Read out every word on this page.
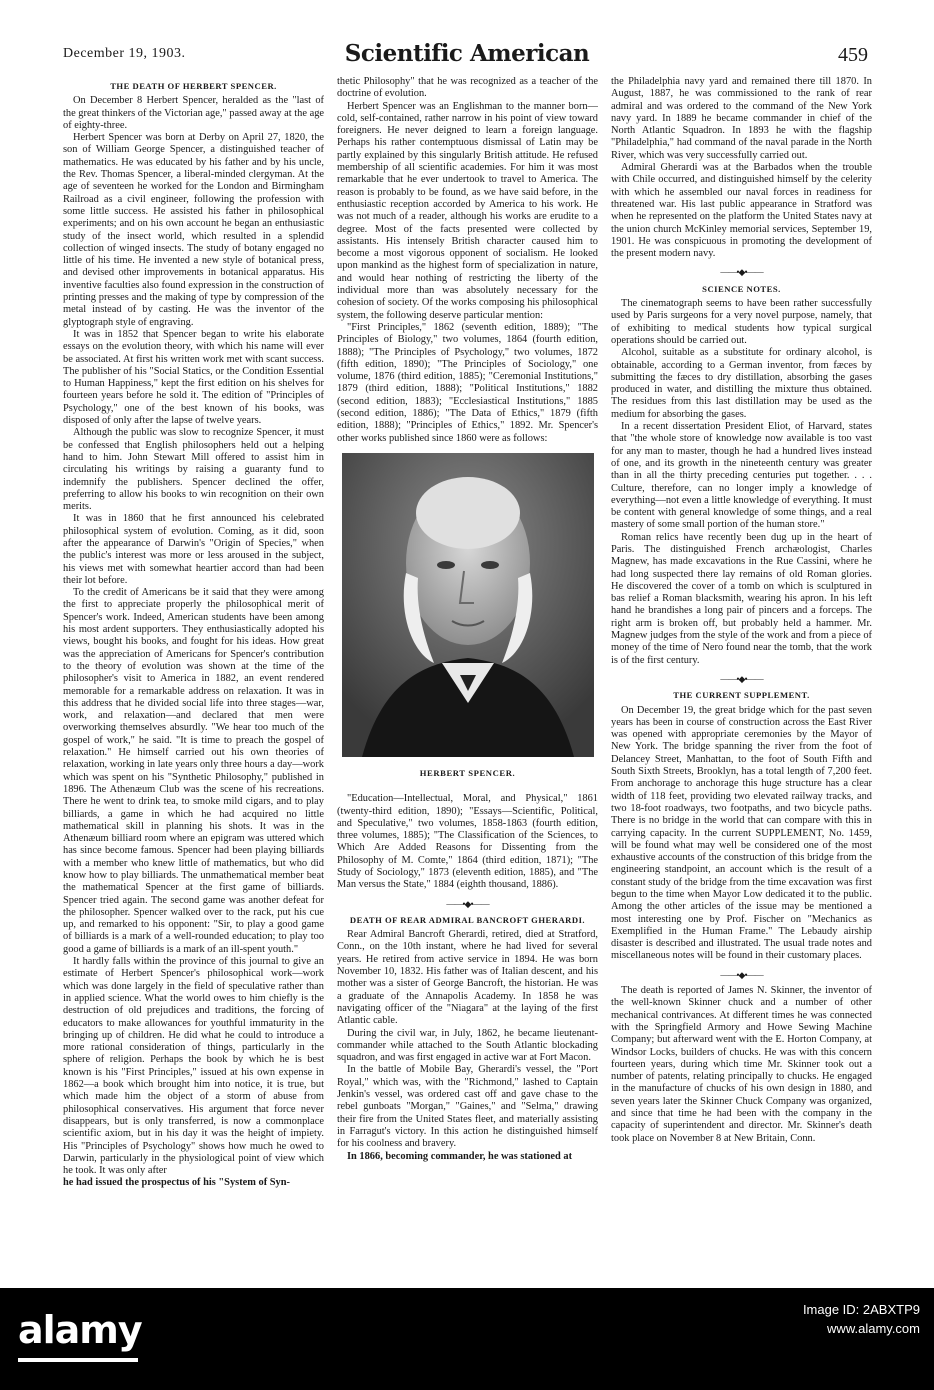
December 19, 1903.	Scientific American	459
THE DEATH OF HERBERT SPENCER.

On December 8 Herbert Spencer, heralded as the "last of the great thinkers of the Victorian age," passed away at the age of eighty-three.

Herbert Spencer was born at Derby on April 27, 1820, the son of William George Spencer, a distinguished teacher of mathematics. He was educated by his father and by his uncle, the Rev. Thomas Spencer, a liberal-minded clergyman. At the age of seventeen he worked for the London and Birmingham Railroad as a civil engineer, following the profession with some little success. He assisted his father in philosophical experiments; and on his own account he began an enthusiastic study of the insect world, which resulted in a splendid collection of winged insects. The study of botany engaged no little of his time. He invented a new style of botanical press, and devised other improvements in botanical apparatus. His inventive faculties also found expression in the construction of printing presses and the making of type by compression of the metal instead of by casting. He was the inventor of the glyptograph style of engraving.

It was in 1852 that Spencer began to write his elaborate essays on the evolution theory, with which his name will ever be associated. At first his written work met with scant success. The publisher of his "Social Statics, or the Condition Essential to Human Happiness," kept the first edition on his shelves for fourteen years before he sold it. The edition of "Principles of Psychology," one of the best known of his books, was disposed of only after the lapse of twelve years.

Although the public was slow to recognize Spencer, it must be confessed that English philosophers held out a helping hand to him. John Stewart Mill offered to assist him in circulating his writings by raising a guaranty fund to indemnify the publishers. Spencer declined the offer, preferring to allow his books to win recognition on their own merits.

It was in 1860 that he first announced his celebrated philosophical system of evolution. Coming, as it did, soon after the appearance of Darwin's "Origin of Species," when the public's interest was more or less aroused in the subject, his views met with somewhat heartier accord than had been their lot before.

To the credit of Americans be it said that they were among the first to appreciate properly the philosophical merit of Spencer's work. Indeed, American students have been among his most ardent supporters. They enthusiastically adopted his views, bought his books, and fought for his ideas. How great was the appreciation of Americans for Spencer's contribution to the theory of evolution was shown at the time of the philosopher's visit to America in 1882, an event rendered memorable for a remarkable address on relaxation. It was in this address that he divided social life into three stages—war, work, and relaxation—and declared that men were overworking themselves absurdly. "We hear too much of the gospel of work," he said. "It is time to preach the gospel of relaxation." He himself carried out his own theories of relaxation, working in late years only three hours a day—work which was spent on his "Synthetic Philosophy," published in 1896. The Athenæum Club was the scene of his recreations. There he went to drink tea, to smoke mild cigars, and to play billiards, a game in which he had acquired no little mathematical skill in planning his shots. It was in the Athenæum billiard room where an epigram was uttered which has since become famous. Spencer had been playing billiards with a member who knew little of mathematics, but who did know how to play billiards. The unmathematical member beat the mathematical Spencer at the first game of billiards. Spencer tried again. The second game was another defeat for the philosopher. Spencer walked over to the rack, put his cue up, and remarked to his opponent: "Sir, to play a good game of billiards is a mark of a well-rounded education; to play too good a game of billiards is a mark of an ill-spent youth."

It hardly falls within the province of this journal to give an estimate of Herbert Spencer's philosophical work—work which was done largely in the field of speculative rather than in applied science. What the world owes to him chiefly is the destruction of old prejudices and traditions, the forcing of educators to make allowances for youthful immaturity in the bringing up of children. He did what he could to introduce a more rational consideration of things, particularly in the sphere of religion. Perhaps the book by which he is best known is his "First Principles," issued at his own expense in 1862—a book which brought him into notice, it is true, but which made him the object of a storm of abuse from philosophical conservatives. His argument that force never disappears, but is only transferred, is now a commonplace scientific axiom, but in his day it was the height of impiety. His "Principles of Psychology" shows how much he owed to Darwin, particularly in the physiological point of view which he took. It was only after

he had issued the prospectus of his "System of Syn-

thetic Philosophy" that he was recognized as a teacher of the doctrine of evolution.

Herbert Spencer was an Englishman to the manner born—cold, self-contained, rather narrow in his point of view toward foreigners. He never deigned to learn a foreign language. Perhaps his rather contemptuous dismissal of Latin may be partly explained by this singularly British attitude. He refused membership of all scientific academies. For him it was most remarkable that he ever undertook to travel to America. The reason is probably to be found, as we have said before, in the enthusiastic reception accorded by America to his work. He was not much of a reader, although his works are erudite to a degree. Most of the facts presented were collected by assistants. His intensely British character caused him to become a most vigorous opponent of socialism. He looked upon mankind as the highest form of specialization in nature, and would hear nothing of restricting the liberty of the individual more than was absolutely necessary for the cohesion of society. Of the works composing his philosophical system, the following deserve particular mention:

"First Principles," 1862 (seventh edition, 1889); "The Principles of Biology," two volumes, 1864 (fourth edition, 1888); "The Principles of Psychology," two volumes, 1872 (fifth edition, 1890); "The Principles of Sociology," one volume, 1876 (third edition, 1885); "Ceremonial Institutions," 1879 (third edition, 1888); "Political Institutions," 1882 (second edition, 1883); "Ecclesiastical Institutions," 1885 (second edition, 1886); "The Data of Ethics," 1879 (fifth edition, 1888); "Principles of Ethics," 1892. Mr. Spencer's other works published since 1860 were as follows:

HERBERT SPENCER.

"Education—Intellectual, Moral, and Physical," 1861 (twenty-third edition, 1890); "Essays—Scientific, Political, and Speculative," two volumes, 1858-1863 (fourth edition, three volumes, 1885); "The Classification of the Sciences, to Which Are Added Reasons for Dissenting from the Philosophy of M. Comte," 1864 (third edition, 1871); "The Study of Sociology," 1873 (eleventh edition, 1885), and "The Man versus the State," 1884 (eighth thousand, 1886).

——•◆•——
DEATH OF REAR ADMIRAL BANCROFT GHERARDI.

Rear Admiral Bancroft Gherardi, retired, died at Stratford, Conn., on the 10th instant, where he had lived for several years. He retired from active service in 1894. He was born November 10, 1832. His father was of Italian descent, and his mother was a sister of George Bancroft, the historian. He was a graduate of the Annapolis Academy. In 1858 he was navigating officer of the "Niagara" at the laying of the first Atlantic cable.

During the civil war, in July, 1862, he became lieutenant-commander while attached to the South Atlantic blockading squadron, and was first engaged in active war at Fort Macon.

In the battle of Mobile Bay, Gherardi's vessel, the "Port Royal," which was, with the "Richmond," lashed to Captain Jenkin's vessel, was ordered cast off and gave chase to the rebel gunboats "Morgan," "Gaines," and "Selma," drawing their fire from the United States fleet, and materially assisting in Farragut's victory. In this action he distinguished himself for his coolness and bravery.

In 1866, becoming commander, he was stationed at

the Philadelphia navy yard and remained there till 1870. In August, 1887, he was commissioned to the rank of rear admiral and was ordered to the command of the New York navy yard. In 1889 he became commander in chief of the North Atlantic Squadron. In 1893 he with the flagship "Philadelphia," had command of the naval parade in the North River, which was very successfully carried out.

Admiral Gherardi was at the Barbados when the trouble with Chile occurred, and distinguished himself by the celerity with which he assembled our naval forces in readiness for threatened war. His last public appearance in Stratford was when he represented on the platform the United States navy at the union church McKinley memorial services, September 19, 1901. He was conspicuous in promoting the development of the present modern navy.

——•◆•——
SCIENCE NOTES.

The cinematograph seems to have been rather successfully used by Paris surgeons for a very novel purpose, namely, that of exhibiting to medical students how typical surgical operations should be carried out.

Alcohol, suitable as a substitute for ordinary alcohol, is obtainable, according to a German inventor, from fæces by submitting the fæces to dry distillation, absorbing the gases produced in water, and distilling the mixture thus obtained. The residues from this last distillation may be used as the medium for absorbing the gases.

In a recent dissertation President Eliot, of Harvard, states that "the whole store of knowledge now available is too vast for any man to master, though he had a hundred lives instead of one, and its growth in the nineteenth century was greater than in all the thirty preceding centuries put together. . . . Culture, therefore, can no longer imply a knowledge of everything—not even a little knowledge of everything. It must be content with general knowledge of some things, and a real mastery of some small portion of the human store."

Roman relics have recently been dug up in the heart of Paris. The distinguished French archæologist, Charles Magnew, has made excavations in the Rue Cassini, where he had long suspected there lay remains of old Roman glories. He discovered the cover of a tomb on which is sculptured in bas relief a Roman blacksmith, wearing his apron. In his left hand he brandishes a long pair of pincers and a forceps. The right arm is broken off, but probably held a hammer. Mr. Magnew judges from the style of the work and from a piece of money of the time of Nero found near the tomb, that the work is of the first century.

——•◆•——
THE CURRENT SUPPLEMENT.

On December 19, the great bridge which for the past seven years has been in course of construction across the East River was opened with appropriate ceremonies by the Mayor of New York. The bridge spanning the river from the foot of Delancey Street, Manhattan, to the foot of South Fifth and South Sixth Streets, Brooklyn, has a total length of 7,200 feet. From anchorage to anchorage this huge structure has a clear width of 118 feet, providing two elevated railway tracks, and two 18-foot roadways, two footpaths, and two bicycle paths. There is no bridge in the world that can compare with this in carrying capacity. In the current SUPPLEMENT, No. 1459, will be found what may well be considered one of the most exhaustive accounts of the construction of this bridge from the engineering standpoint, an account which is the result of a constant study of the bridge from the time excavation was first begun to the time when Mayor Low dedicated it to the public. Among the other articles of the issue may be mentioned a most interesting one by Prof. Fischer on "Mechanics as Exemplified in the Human Frame." The Lebaudy airship disaster is described and illustrated. The usual trade notes and miscellaneous notes will be found in their customary places.

——•◆•——

The death is reported of James N. Skinner, the inventor of the well-known Skinner chuck and a number of other mechanical contrivances. At different times he was connected with the Springfield Armory and Howe Sewing Machine Company; but afterward went with the E. Horton Company, at Windsor Locks, builders of chucks. He was with this concern fourteen years, during which time Mr. Skinner took out a number of patents, relating principally to chucks. He engaged in the manufacture of chucks of his own design in 1880, and seven years later the Skinner Chuck Company was organized, and since that time he had been with the company in the capacity of superintendent and director. Mr. Skinner's death took place on November 8 at New Britain, Conn.

alamy	Image ID: 2ABXTP9
www.alamy.com
